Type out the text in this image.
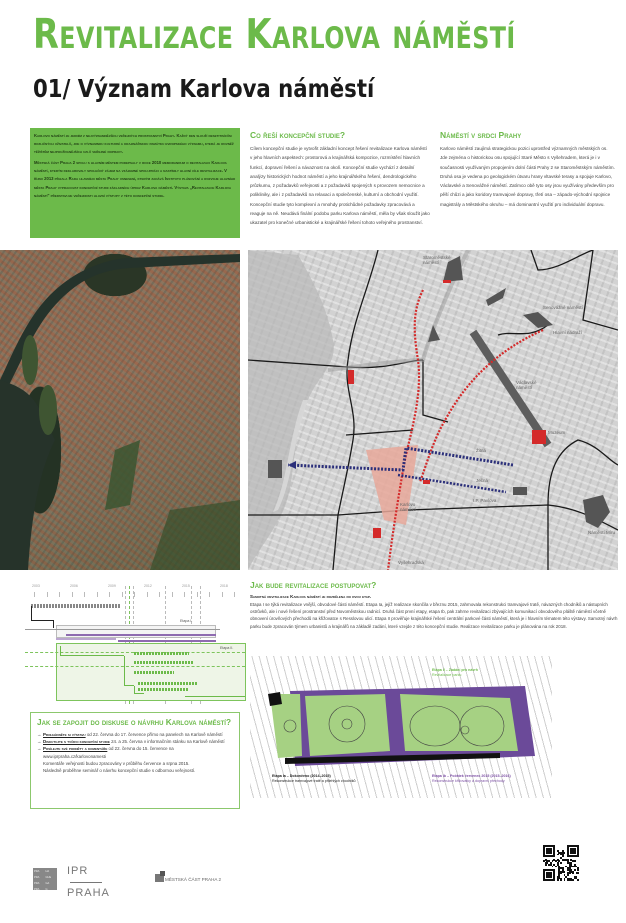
Revitalizace Karlova náměstí
01/ Význam Karlova náměstí

Karlovo náměstí je jedním z nejvýznamnějších veřejných prostranství Prahy. Každý den slouží desetitisícům rozličných uživatelů, jde o významnou kulturní a krajinářskou památku evropského významu, která je rovněž těžištěm nejpoužívanějších uzlů veřejné dopravy.

Městská část Praha 2 spolu s hlavním městem podepsaly v roce 2010 memorandum o revitalizaci Karlova náměstí, kterým deklarovaly společný zájem na vzájemné spolupráci a nastínily hlavní cíle revitalizace. V říjnu 2013 přijala Rada hlavního města Prahy usnesení, kterým zadává Institutu plánování a rozvoje hlavního města Prahy vypracovat koncepční studii základních úprav Karlova náměstí. Výstava „Revitalizace Karlova náměstí" představuje veřejnosti hlavní výstupy z této koncepční studie.

Co řeší koncepční studie?

Cílem koncepční studie je vytvořit základní koncept řešení revitalizace Karlova náměstí v jeho hlavních aspektech: prostorová a krajinářská kompozice, rozmístění hlavních funkcí, dopravní řešení a návaznost na okolí. Koncepční studie vychází z detailní analýzy historických hodnot náměstí a jeho krajinářského řešení, dendrologického průzkumu, z požadavků veřejnosti a z požadavků spojených s provozem nemocnice a polikliniky, ale i z požadavků na relaxaci a společenské, kulturní a obchodní využití. Koncepční studie tyto komplexní a mnohdy protichůdné požadavky zpracovává a reaguje na ně. Neudává finální podobu parku Karlova náměstí, měla by však sloužit jako ukazatel pro konečné urbanistické a krajinářské řešení tohoto veřejného prostranství.

Náměstí v srdci Prahy

Karlovo náměstí zaujímá strategickou pozici uprostřed významných městských os. Jde zejména o historickou osu spojující Staré Město s Vyšehradem, která je i v současnosti využívaným propojením dolní části Prahy 2 se Staroměstským náměstím. Druhá osa je vedena po geologickém útvaru hrany vltavské terasy a spojuje Karlovo, Václavské a Senovážné náměstí. Zatímco obě tyto osy jsou využívány především pro pěší chůzi a jako koridory tramvajové dopravy, třetí osa – západo-východní spojnice magistrály a Městského okruhu – má dominantní využití pro individuální dopravu.

Staroměstské náměstí
Senovážné náměstí
Václavské náměstí
Karlovo náměstí
Žitná
Ječná
I.P. Pavlova
Náměstí Míru
Hlavní nádraží
Muzeum
Vyšehradská
Jak bude revitalizace postupovat?
Samotná revitalizace Karlova náměstí je rozdělena do dvou etap.

Etapa I se týká revitalizace vnější, obvodové části náměstí. Etapa Ia, jejíž realizace skončila v březnu 2015, zahrnovala rekonstrukci tramvajové tratě, návazných chodníků a nástupních ostrůvků, ale i nové řešení prostranství před Novoměstskou radnicí. Druhá část první etapy, etapa Ib, pak zahrne revitalizaci zbývajících komunikací obvodového pláště náměstí včetně obnovení úrovňových přechodů na křižovatce s Resslovou ulicí. Etapa II prověřuje krajinářské řešení centrální parkové části náměstí, která je i hlavním tématem této výstavy. Samotný návrh parku bude zpracován týmem urbanistů a krajinářů na základě zadání, které vzejde z této koncepční studie. Realizace revitalizace parku je plánována na rok 2018.

2003	2006	2009	2012	2015	2018
Etapa I.
Etapa II.
Jak se zapojit do diskuse o návrhu Karlova náměstí?
→ Prohlédněte si výstavu od 22. června do 17. července přímo na panelech na Karlově náměstí
→ Diskutujte s tvůrci koncepční studie 24. a 25. června v informačním stánku na Karlově náměstí
→ Posílejte své podněty a komentáře od 22. června do 15. července na www.iprpraha.cz/karlovonamesti
Komentáře veřejnosti budou zpracovány v průběhu července a srpna 2015.
Následně proběhne seminář o návrhu koncepční studie s odbornou veřejností.
Etapa II – Zadání pro návrh
Revitalizace parku
Etapa Ia – Dokončeno (2014–2015)
Rekonstrukce tramvajové tratě a přilehlých chodníků
Etapa Ib – Počátek červenec 2015 (2015–2016)
Rekonstrukce křižovatky a dopravní přechody
PRA	HA
PRA	GUE
PRA	GA
PRA	G
IPR
PRAHA
MĚSTSKÁ ČÁST PRAHA 2
